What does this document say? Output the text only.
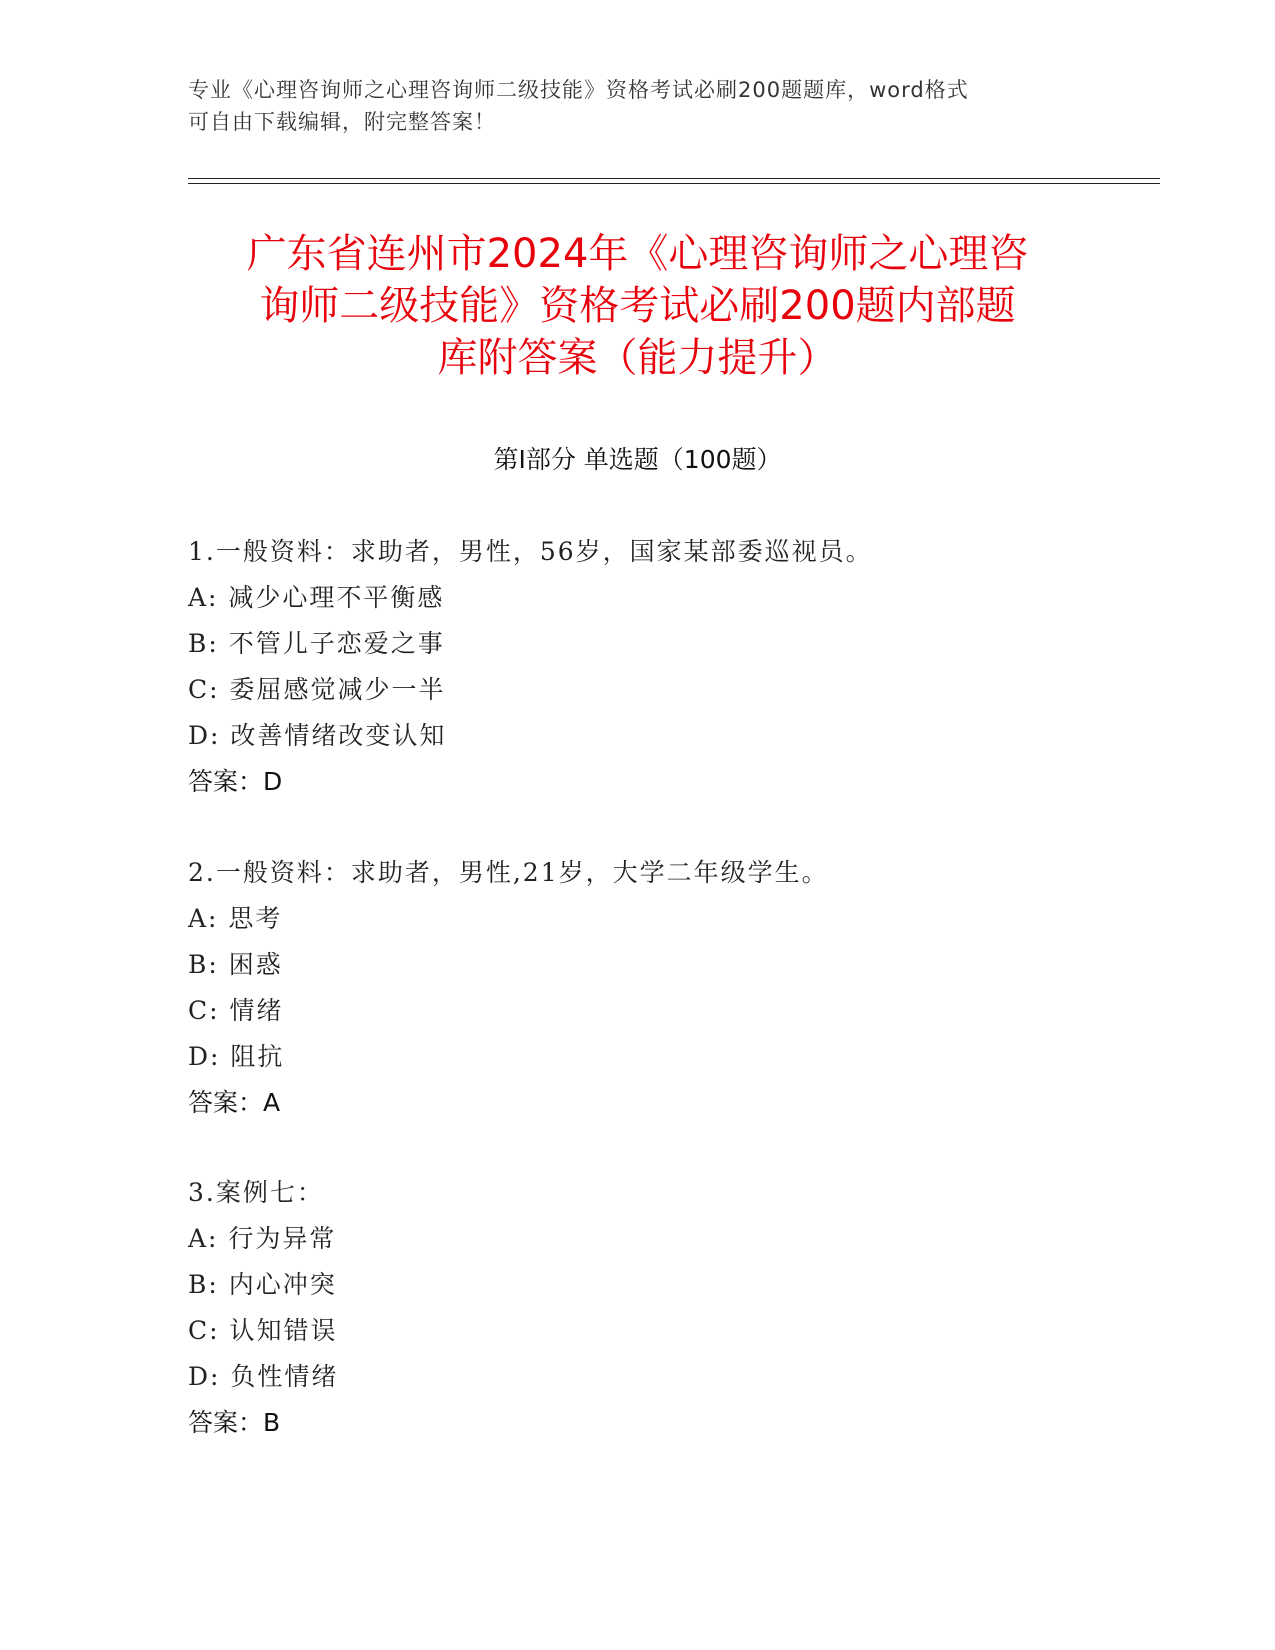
专业《心理咨询师之心理咨询师二级技能》资格考试必刷200题题库，word格式
可自由下载编辑，附完整答案！
广东省连州市2024年《心理咨询师之心理咨
询师二级技能》资格考试必刷200题内部题
库附答案（能力提升）
第Ⅰ部分 单选题（100题）
1.一般资料：求助者，男性，56岁，国家某部委巡视员。
A: 减少心理不平衡感
B: 不管儿子恋爱之事
C: 委屈感觉减少一半
D: 改善情绪改变认知
答案：D
2.一般资料：求助者，男性,21岁，大学二年级学生。
A: 思考
B: 困惑
C: 情绪
D: 阻抗
答案：A
3.案例七：
A: 行为异常
B: 内心冲突
C: 认知错误
D: 负性情绪
答案：B
